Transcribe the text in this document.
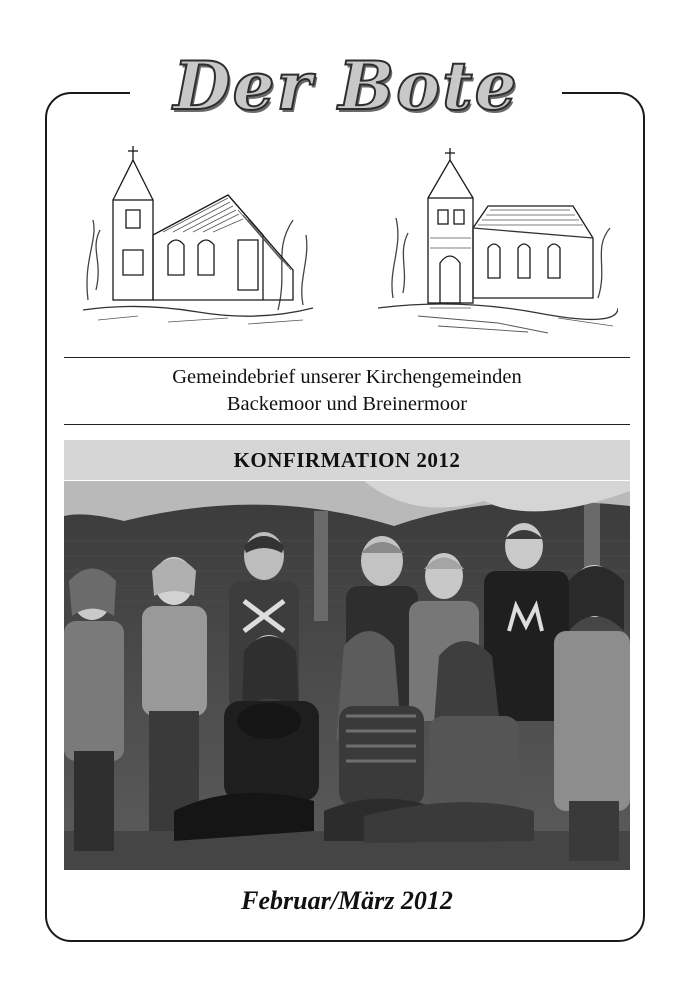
Der Bote
Gemeindebrief unserer Kirchengemeinden
Backemoor und Breinermoor
KONFIRMATION 2012
Februar/März 2012
